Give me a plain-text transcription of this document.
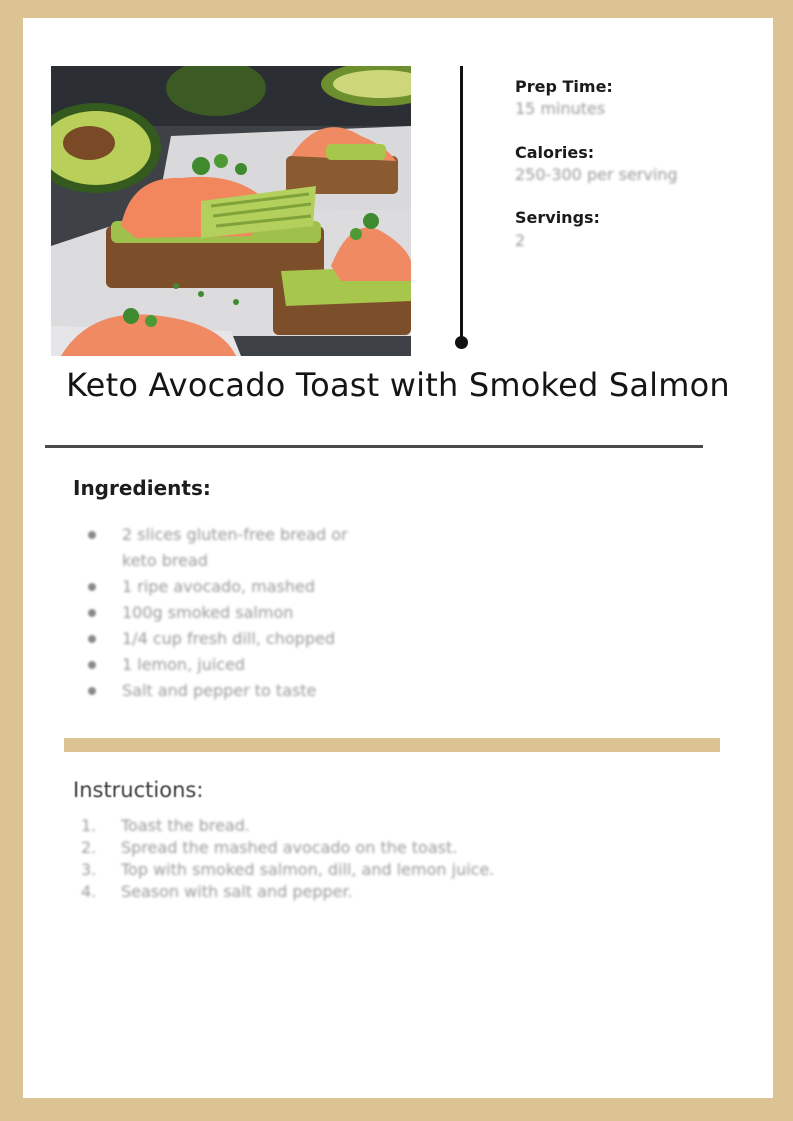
Prep Time:
15 minutes
Calories:
250-300 per serving
Servings:
2
Keto Avocado Toast with Smoked Salmon
Ingredients:
2 slices gluten-free bread or
keto bread
1 ripe avocado, mashed
100g smoked salmon
1/4 cup fresh dill, chopped
1 lemon, juiced
Salt and pepper to taste
Instructions:
1. Toast the bread.
2. Spread the mashed avocado on the toast.
3. Top with smoked salmon, dill, and lemon juice.
4. Season with salt and pepper.
